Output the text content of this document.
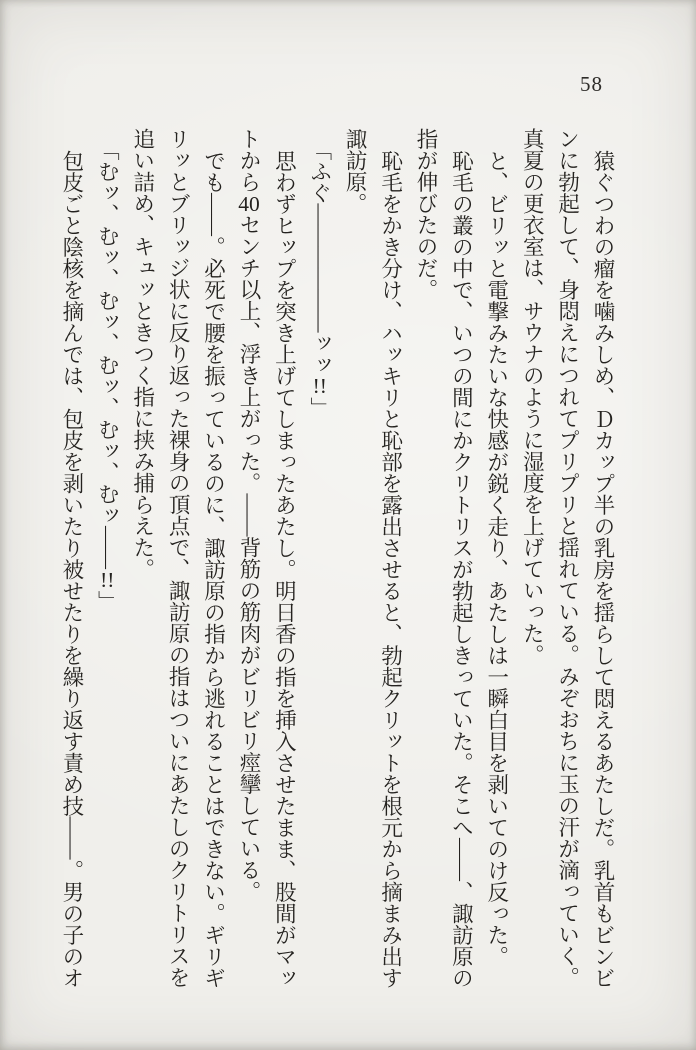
58

猿ぐつわの瘤を噛みしめ、Ｄカップ半の乳房を揺らして悶えるあたしだ。乳首もビンビンに勃起して、身悶えにつれてプリプリと揺れている。みぞおちに玉の汗が滴っていく。真夏の更衣室は、サウナのように湿度を上げていった。

と、ビリッと電撃みたいな快感が鋭く走り、あたしは一瞬白目を剥いてのけ反った。

恥毛の叢の中で、いつの間にかクリトリスが勃起しきっていた。そこへ――、諏訪原の指が伸びたのだ。

恥毛をかき分け、ハッキリと恥部を露出させると、勃起クリットを根元から摘まみ出す諏訪原。

「ふぐ――――――ッッ!!」

思わずヒップを突き上げてしまったあたし。明日香の指を挿入させたまま、股間がマットから40センチ以上、浮き上がった。――背筋の筋肉がビリビリ痙攣している。

でも――。必死で腰を振っているのに、諏訪原の指から逃れることはできない。ギリギリッとブリッジ状に反り返った裸身の頂点で、諏訪原の指はついにあたしのクリトリスを追い詰め、キュッときつく指に挟み捕らえた。

「むッ、むッ、むッ、むッ、むッ、むッ――!!」

包皮ごと陰核を摘んでは、包皮を剥いたり被せたりを繰り返す責め技――。男の子のオ
